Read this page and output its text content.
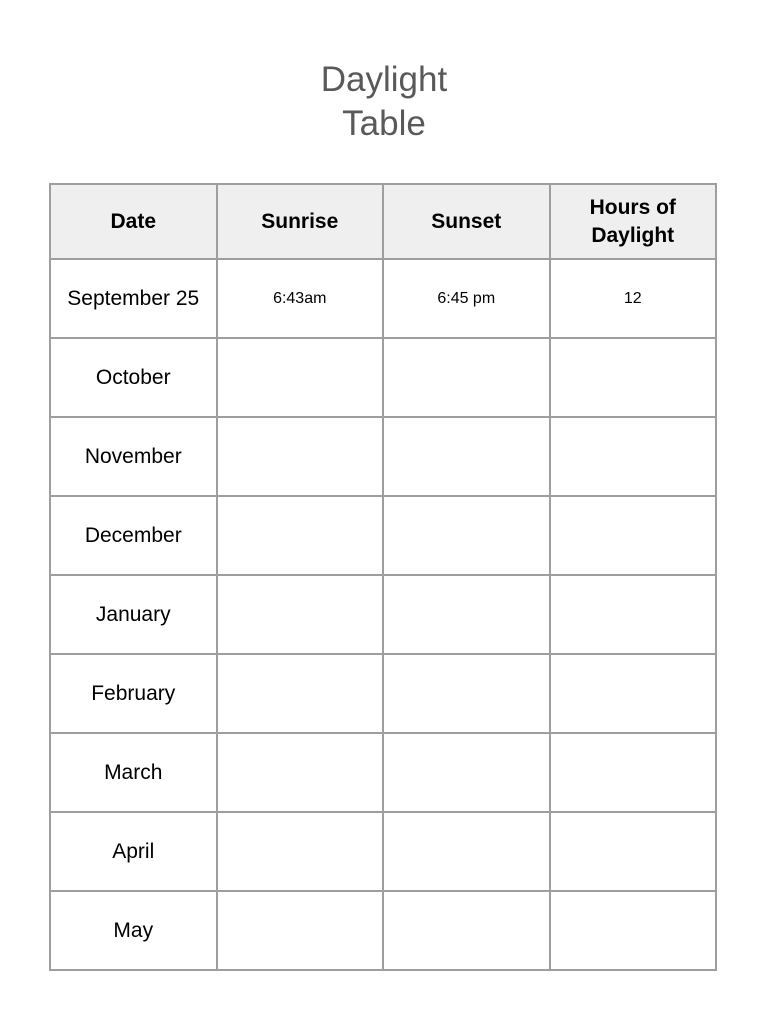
Daylight
Table
Date	Sunrise	Sunset	Hours of Daylight
September 25	6:43am	6:45 pm	12
October			
November			
December			
January			
February			
March			
April			
May			
